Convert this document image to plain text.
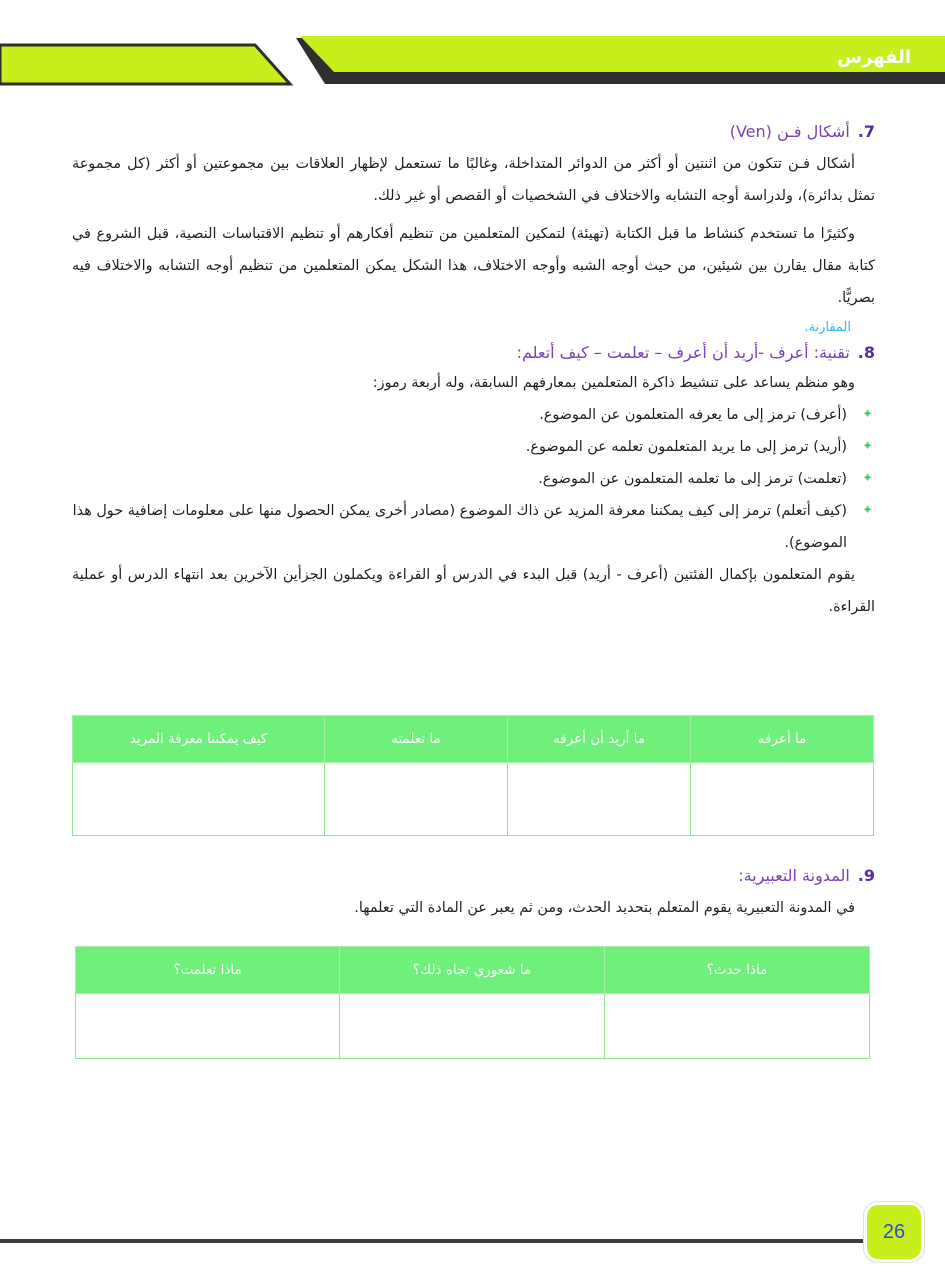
الفهرس
7.أشكال فـن (Ven)

أشكال فـن تتكون من اثنتين أو أكثر من الدوائر المتداخلة، وغالبًا ما تستعمل لإظهار العلاقات بين مجموعتين أو أكثر (كل مجموعة تمثل بدائرة)، ولدراسة أوجه التشابه والاختلاف في الشخصيات أو القصص أو غير ذلك.

وكثيرًا ما تستخدم كنشاط ما قبل الكتابة (تهيئة) لتمكين المتعلمين من تنظيم أفكارهم أو تنظيم الاقتباسات النصية، قبل الشروع في كتابة مقال يقارن بين شيئين، من حيث أوجه الشبه وأوجه الاختلاف، هذا الشكل يمكن المتعلمين من تنظيم أوجه التشابه والاختلاف فيه بصريًّا.

المقارنة.
8.تقنية: أعرف -أريد أن أعرف – تعلمت – كيف أتعلم:

وهو منظم يساعد على تنشيط ذاكرة المتعلمين بمعارفهم السابقة، وله أربعة رموز:

✦
(أعرف) ترمز إلى ما يعرفه المتعلمون عن الموضوع.
✦
(أريد) ترمز إلى ما يريد المتعلمون تعلمه عن الموضوع.
✦
(تعلمت) ترمز إلى ما تعلمه المتعلمون عن الموضوع.
✦
(كيف أتعلم) ترمز إلى كيف يمكننا معرفة المزيد عن ذاك الموضوع (مصادر أخرى يمكن الحصول منها على معلومات إضافية حول هذا الموضوع).

يقوم المتعلمون بإكمال الفئتين (أعرف - أريد) قبل البدء في الدرس أو القراءة ويكملون الجزأين الآخرين بعد انتهاء الدرس أو عملية القراءة.

ما أعرفه	ما أريد أن أعرفه	ما تعلمته	كيف يمكننا معرفة المزيد

9.المدونة التعبيرية:

في المدونة التعبيرية يقوم المتعلم بتحديد الحدث، ومن ثم يعبر عن المادة التي تعلمها.

ماذا حدث؟	ما شعوري تجاه ذلك؟	ماذا تعلمت؟

26
